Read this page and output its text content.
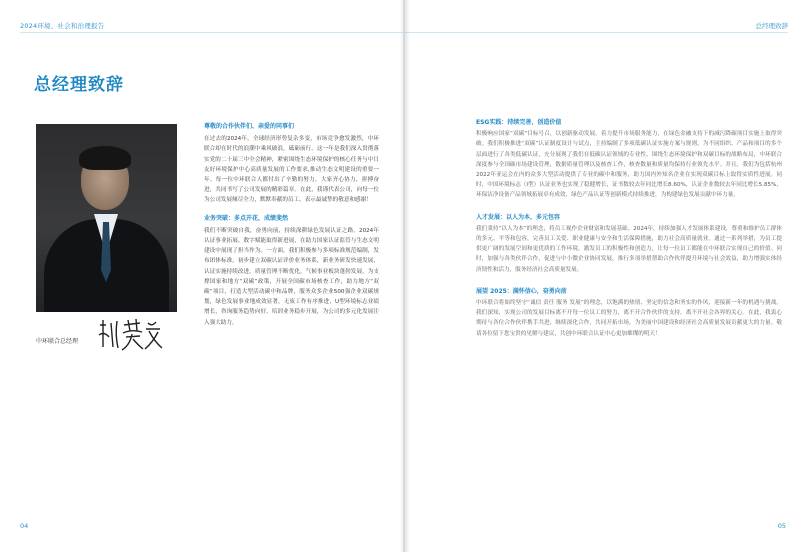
2024环境、社会和治理报告
总经理致辞
中环联合总经理
尊敬的合作伙伴们、亲爱的同事们

在过去的2024年，全球经济形势复杂多变，市场竞争愈发激烈，中环联合却在时代的浪潮中乘风破浪，砥砺前行。这一年是我们深入贯彻落实党的二十届三中全会精神，紧密围绕生态环境保护的核心任务与中日友好环境保护中心高质量发展的工作要求,推动生态文明建设的重要一年。每一位中环联合人都付出了辛勤的努力，大家齐心协力，拼搏奋进，共同书写了公司发展的精彩篇章。在此，我谨代表公司，向每一位为公司发展倾尽全力，默默奉献的员工，表示最诚挚的敬意和感谢！

业务突破：多点开花，成绩斐然

我们不断突破自我，奋勇向前，持续深耕绿色发展认证之路。2024年认证事业拓展、数字赋能取得新进展，在助力国家认证监管与生态文明建设中展现了担当作为。一方面，我们积极参与多项标准规范编制，发布团体标准，初步建立双碳认证评价业务体系，新业务研发快速发展，认证实施持续改进，质量管理不断优化。气候事业板块蓬勃发展，为支撑国家和地方“双碳”政策，开展全国碳市场核查工作，助力地方“双碳”项目，打造大型活动碳中和品牌，服务众多企业500强企业双碳规划，绿色发展事业地成效显著，无废工作有序推进，U型环境标志业绩增长，咨询服务趋势向好，培训业务稳步开展，为公司的多元化发展注入强大助力。

04
总经理致辞
ESG实践：持续完善，创造价值

积极响应国家“双碳”目标号召，以创新驱动发展，着力提升市场服务能力，在绿色金融支持下的减污降碳项目实施上取得突破。我们积极推进“双碳”认证制度设计与试点，主持编制了多项低碳认证实施方案与规则，为不同组织、产品和项目的多个层面进行了各类低碳认证，充分展现了我们在低碳认证领域的专业性。围绕生态环境保护和双碳目标的战略布局，中环联合深度参与全国碳市场建设管理，数据质量管理以及核查工作，核查数量和质量均保持行业领先水平。并且，我们为包括杭州2022年亚运会在内的众多大型活动提供了专业的碳中和服务，助力国内外知名企业在实现双碳目标上取得实质性进展。同时，中国环境标志（Ⅰ型）认证业务也实现了稳健增长，证书数较去年同比增长8.60%，认证企业数较去年同比增长5.85%，环保洁净设备产品领域拓展卓有成效，绿色产品认证等创新模式持续推进，为构建绿色发展贡献中环力量。

人才发展：以人为本，多元包容

我们秉持“以人为本”的理念，将员工视作企业财富和发展基础。2024年，持续加强人才发展体系建设，尊重和维护员工群体的多元、平等和包容，完善员工关爱、职业健康与安全和生活保障措施，助力社会高质量就业。通过一系列举措，为员工提供更广阔的发展空间和更优质的工作环境，激发员工的积极性和创造力，让每一位员工都能在中环联合实现自己的价值。同时，加强与各类伙伴合作，促进与中小微企业协同发展，推行多项举措帮助合作伙伴提升环境与社会效益，助力增强实体经济韧性和活力，服务经济社会高质量发展。

展望 2025：满怀信心，奋勇向前

中环联合将始终坚守“诚信 责任 服务 发展”的理念，以饱满的热情、坚定的信念和务实的作风，迎接新一年的机遇与挑战。我们深知，实现公司的发展目标离不开每一位员工的努力，离不开合作伙伴的支持，离不开社会各界的关心。在此，我衷心期待与各位合作伙伴携手共进，继续深化合作，共同开拓市场，为美丽中国建设和经济社会高质量发展贡献更大的力量。敬请各位留下您宝贵的见解与建议，共创中环联合认证中心更加璀璨的明天！

05
